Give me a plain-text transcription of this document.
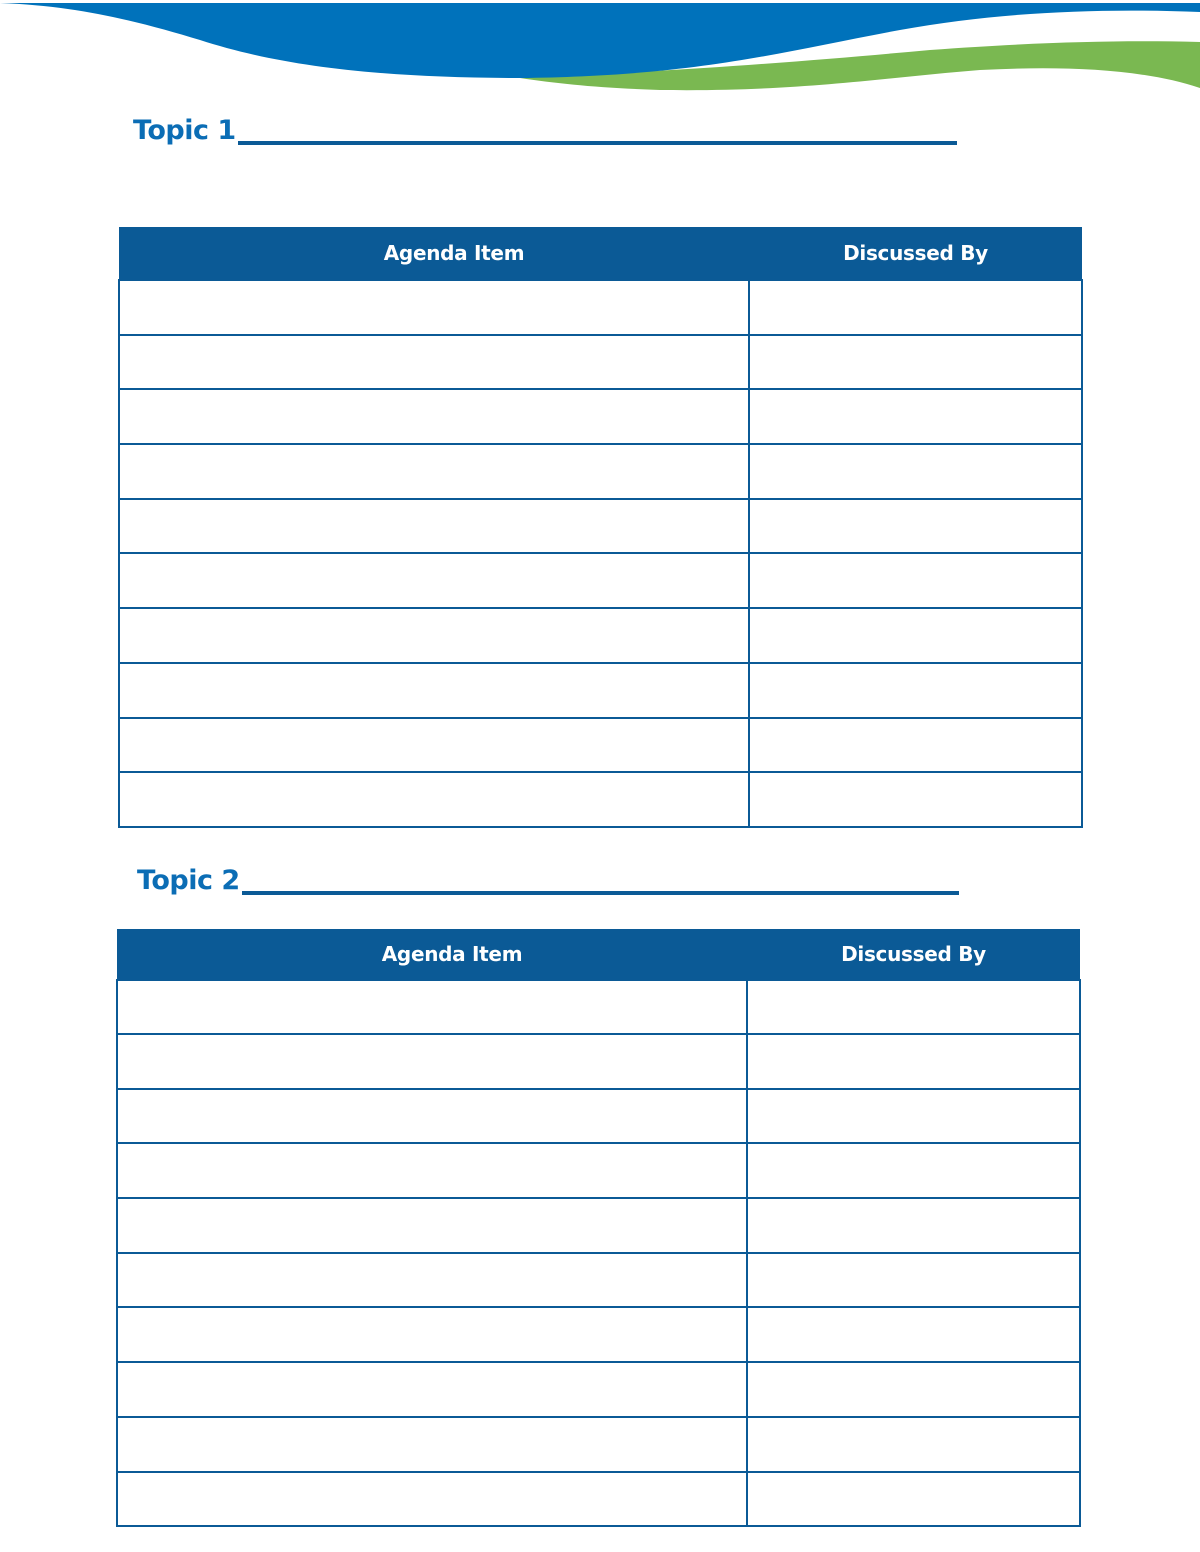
Topic 1
Agenda Item	Discussed By

Topic 2
Agenda Item	Discussed By
